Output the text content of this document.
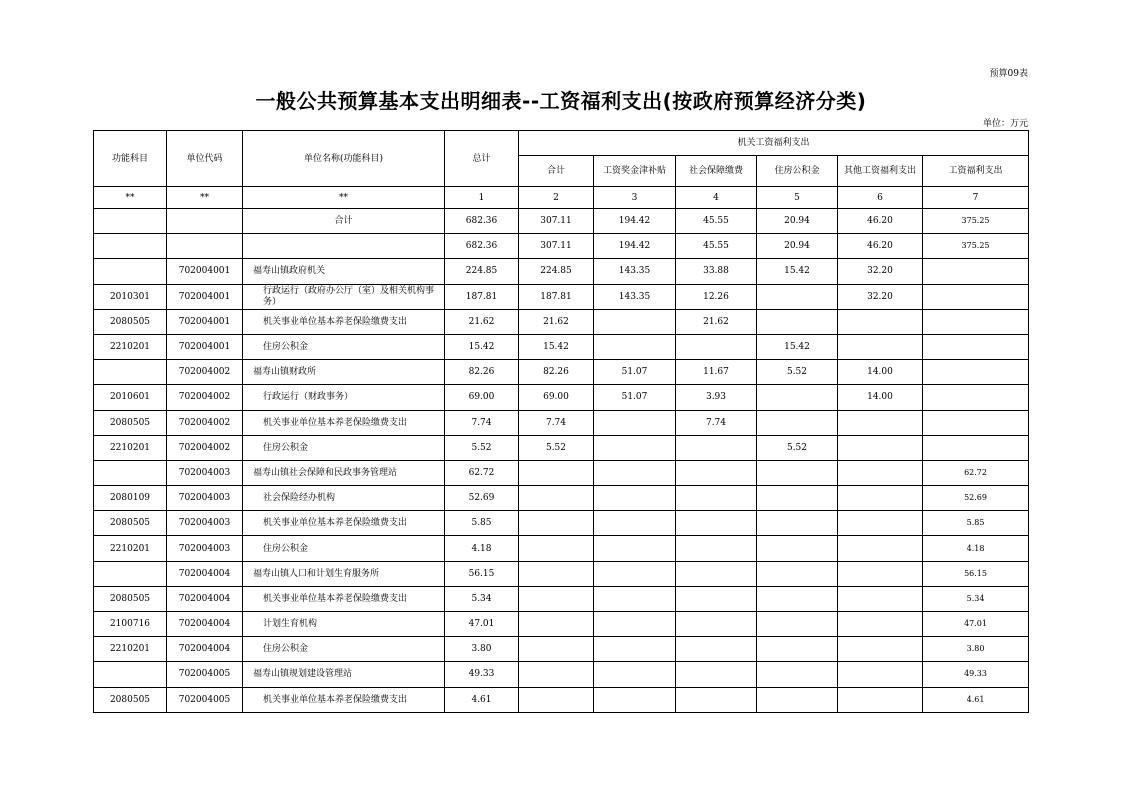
预算09表
一般公共预算基本支出明细表--工资福利支出(按政府预算经济分类)
单位：万元
功能科目	单位代码	单位名称(功能科目)	总计	机关工资福利支出	
				合计	工资奖金津补贴	社会保障缴费	住房公积金	其他工资福利支出	工资福利支出	
**	**	**	1	2	3	4	5	6	7	
		合计	682.36	307.11	194.42	45.55	20.94	46.20	375.25	
			682.36	307.11	194.42	45.55	20.94	46.20	375.25	
	702004001	福寿山镇政府机关	224.85	224.85	143.35	33.88	15.42	32.20		
2010301	702004001	行政运行（政府办公厅（室）及相关机构事务）	187.81	187.81	143.35	12.26		32.20		
2080505	702004001	机关事业单位基本养老保险缴费支出	21.62	21.62		21.62				
2210201	702004001	住房公积金	15.42	15.42			15.42			
	702004002	福寿山镇财政所	82.26	82.26	51.07	11.67	5.52	14.00		
2010601	702004002	行政运行（财政事务）	69.00	69.00	51.07	3.93		14.00		
2080505	702004002	机关事业单位基本养老保险缴费支出	7.74	7.74		7.74				
2210201	702004002	住房公积金	5.52	5.52			5.52			
	702004003	福寿山镇社会保障和民政事务管理站	62.72						62.72	
2080109	702004003	社会保险经办机构	52.69						52.69	
2080505	702004003	机关事业单位基本养老保险缴费支出	5.85						5.85	
2210201	702004003	住房公积金	4.18						4.18	
	702004004	福寿山镇人口和计划生育服务所	56.15						56.15	
2080505	702004004	机关事业单位基本养老保险缴费支出	5.34						5.34	
2100716	702004004	计划生育机构	47.01						47.01	
2210201	702004004	住房公积金	3.80						3.80	
	702004005	福寿山镇规划建设管理站	49.33						49.33	
2080505	702004005	机关事业单位基本养老保险缴费支出	4.61						4.61	
